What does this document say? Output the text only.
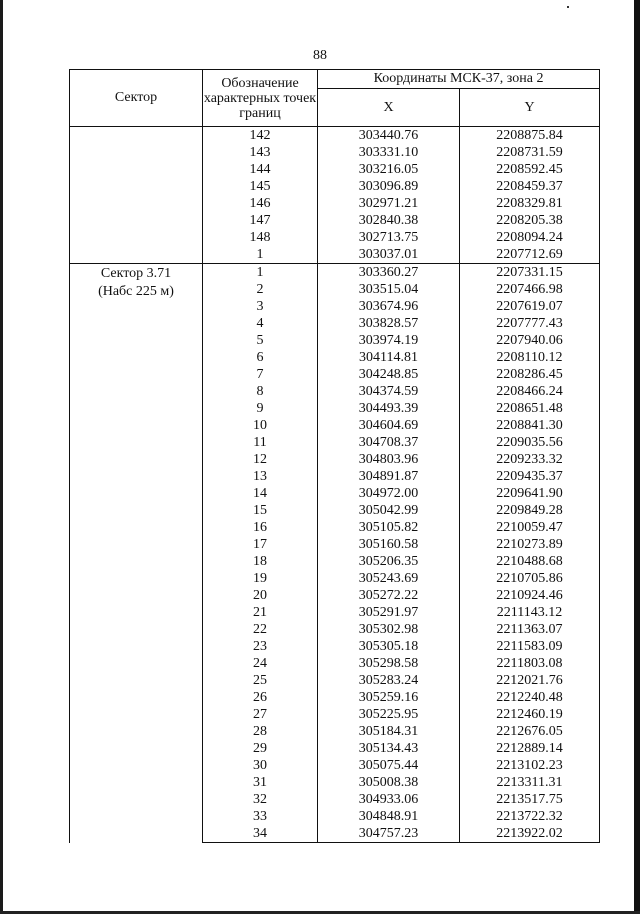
88
Сектор	Обозначение характерных точек границ	Координаты МСК-37, зона 2	
		X	Y
	142	303440.76	2208875.84
	143	303331.10	2208731.59
	144	303216.05	2208592.45
	145	303096.89	2208459.37
	146	302971.21	2208329.81
	147	302840.38	2208205.38
	148	302713.75	2208094.24
	1	303037.01	2207712.69

Сектор 3.71
(Набс 225 м)	1	303360.27	2207331.15
	2	303515.04	2207466.98
	3	303674.96	2207619.07
	4	303828.57	2207777.43
	5	303974.19	2207940.06
	6	304114.81	2208110.12
	7	304248.85	2208286.45
	8	304374.59	2208466.24
	9	304493.39	2208651.48
	10	304604.69	2208841.30
	11	304708.37	2209035.56
	12	304803.96	2209233.32
	13	304891.87	2209435.37
	14	304972.00	2209641.90
	15	305042.99	2209849.28
	16	305105.82	2210059.47
	17	305160.58	2210273.89
	18	305206.35	2210488.68
	19	305243.69	2210705.86
	20	305272.22	2210924.46
	21	305291.97	2211143.12
	22	305302.98	2211363.07
	23	305305.18	2211583.09
	24	305298.58	2211803.08
	25	305283.24	2212021.76
	26	305259.16	2212240.48
	27	305225.95	2212460.19
	28	305184.31	2212676.05
	29	305134.43	2212889.14
	30	305075.44	2213102.23
	31	305008.38	2213311.31
	32	304933.06	2213517.75
	33	304848.91	2213722.32
	34	304757.23	2213922.02
